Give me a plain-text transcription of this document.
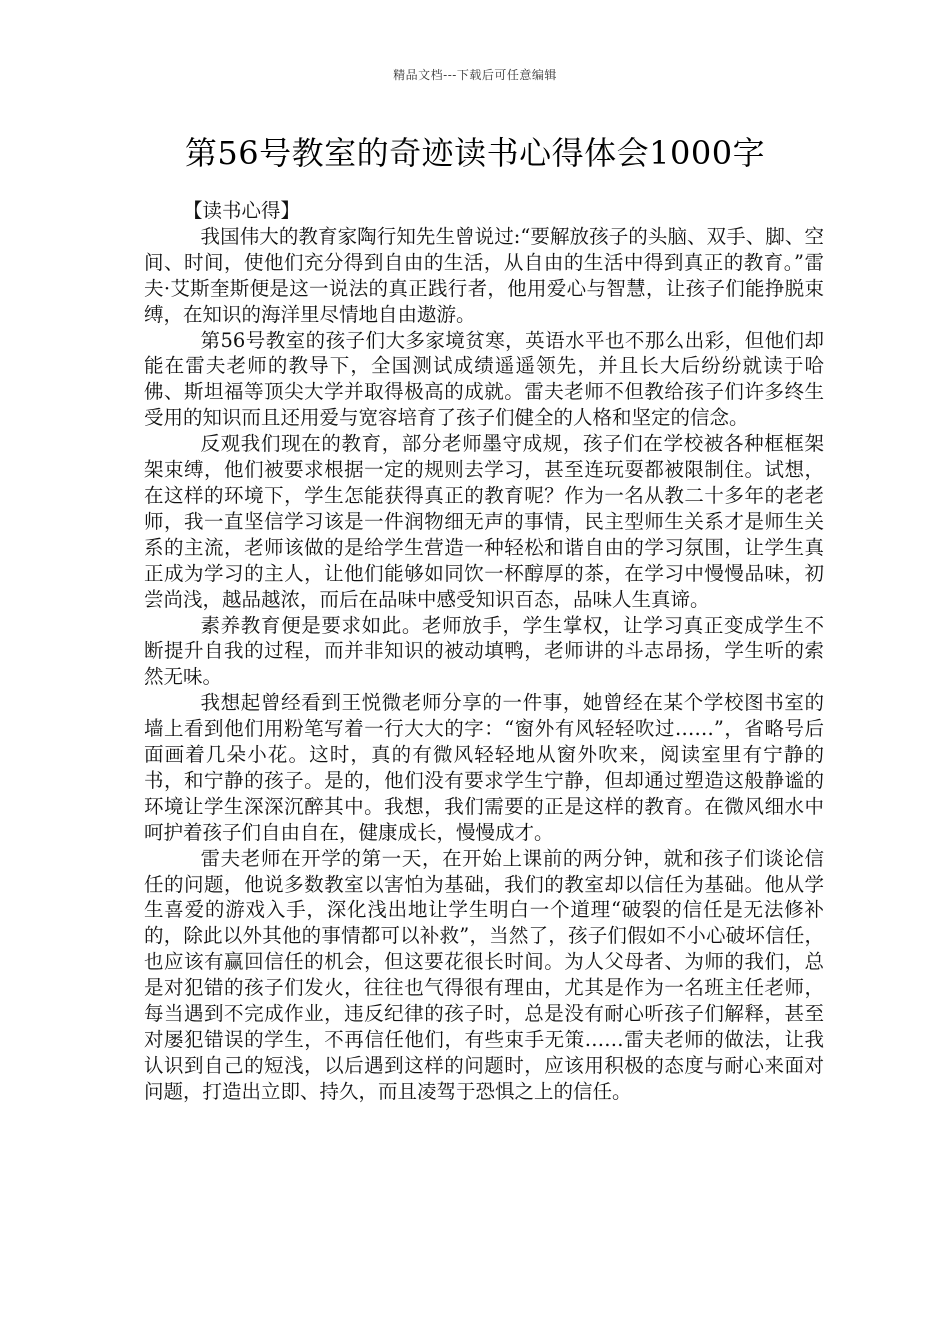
精品文档---下载后可任意编辑
第56号教室的奇迹读书心得体会1000字

【读书心得】

我国伟大的教育家陶行知先生曾说过:“要解放孩子的头脑、双手、脚、空间、时间，使他们充分得到自由的生活，从自由的生活中得到真正的教育。”雷夫·艾斯奎斯便是这一说法的真正践行者，他用爱心与智慧，让孩子们能挣脱束缚，在知识的海洋里尽情地自由遨游。

第56号教室的孩子们大多家境贫寒，英语水平也不那么出彩，但他们却能在雷夫老师的教导下，全国测试成绩遥遥领先，并且长大后纷纷就读于哈佛、斯坦福等顶尖大学并取得极高的成就。雷夫老师不但教给孩子们许多终生受用的知识而且还用爱与宽容培育了孩子们健全的人格和坚定的信念。

反观我们现在的教育，部分老师墨守成规，孩子们在学校被各种框框架架束缚，他们被要求根据一定的规则去学习，甚至连玩耍都被限制住。试想，在这样的环境下，学生怎能获得真正的教育呢？作为一名从教二十多年的老老师，我一直坚信学习该是一件润物细无声的事情，民主型师生关系才是师生关系的主流，老师该做的是给学生营造一种轻松和谐自由的学习氛围，让学生真正成为学习的主人，让他们能够如同饮一杯醇厚的茶，在学习中慢慢品味，初尝尚浅，越品越浓，而后在品味中感受知识百态，品味人生真谛。

素养教育便是要求如此。老师放手，学生掌权，让学习真正变成学生不断提升自我的过程，而并非知识的被动填鸭，老师讲的斗志昂扬，学生听的索然无味。

我想起曾经看到王悦微老师分享的一件事，她曾经在某个学校图书室的墙上看到他们用粉笔写着一行大大的字：“窗外有风轻轻吹过……”，省略号后面画着几朵小花。这时，真的有微风轻轻地从窗外吹来，阅读室里有宁静的书，和宁静的孩子。是的，他们没有要求学生宁静，但却通过塑造这般静谧的环境让学生深深沉醉其中。我想，我们需要的正是这样的教育。在微风细水中呵护着孩子们自由自在，健康成长，慢慢成才。

雷夫老师在开学的第一天，在开始上课前的两分钟，就和孩子们谈论信任的问题，他说多数教室以害怕为基础，我们的教室却以信任为基础。他从学生喜爱的游戏入手，深化浅出地让学生明白一个道理“破裂的信任是无法修补的，除此以外其他的事情都可以补救”，当然了，孩子们假如不小心破坏信任，也应该有赢回信任的机会，但这要花很长时间。为人父母者、为师的我们，总是对犯错的孩子们发火，往往也气得很有理由，尤其是作为一名班主任老师，每当遇到不完成作业，违反纪律的孩子时，总是没有耐心听孩子们解释，甚至对屡犯错误的学生，不再信任他们，有些束手无策……雷夫老师的做法，让我认识到自己的短浅，以后遇到这样的问题时，应该用积极的态度与耐心来面对问题，打造出立即、持久，而且凌驾于恐惧之上的信任。
